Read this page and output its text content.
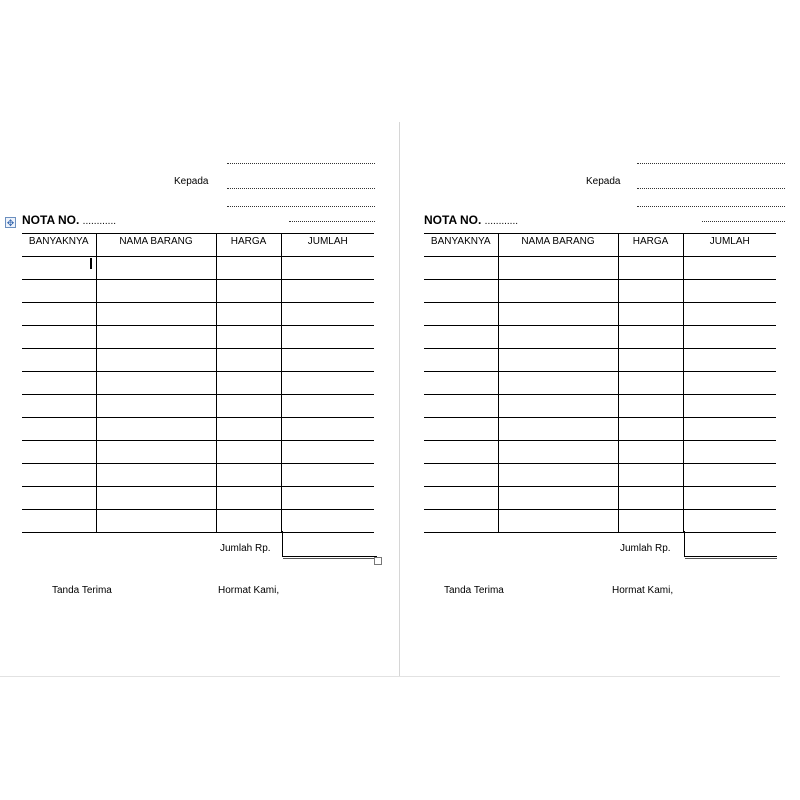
Kepada
✥ NOTA NO. ............
BANYAKNYA	NAMA BARANG	HARGA	JUMLAH

Jumlah Rp.
Tanda Terima	Hormat Kami,
Kepada
NOTA NO. ............
BANYAKNYA	NAMA BARANG	HARGA	JUMLAH

Jumlah Rp.
Tanda Terima	Hormat Kami,
